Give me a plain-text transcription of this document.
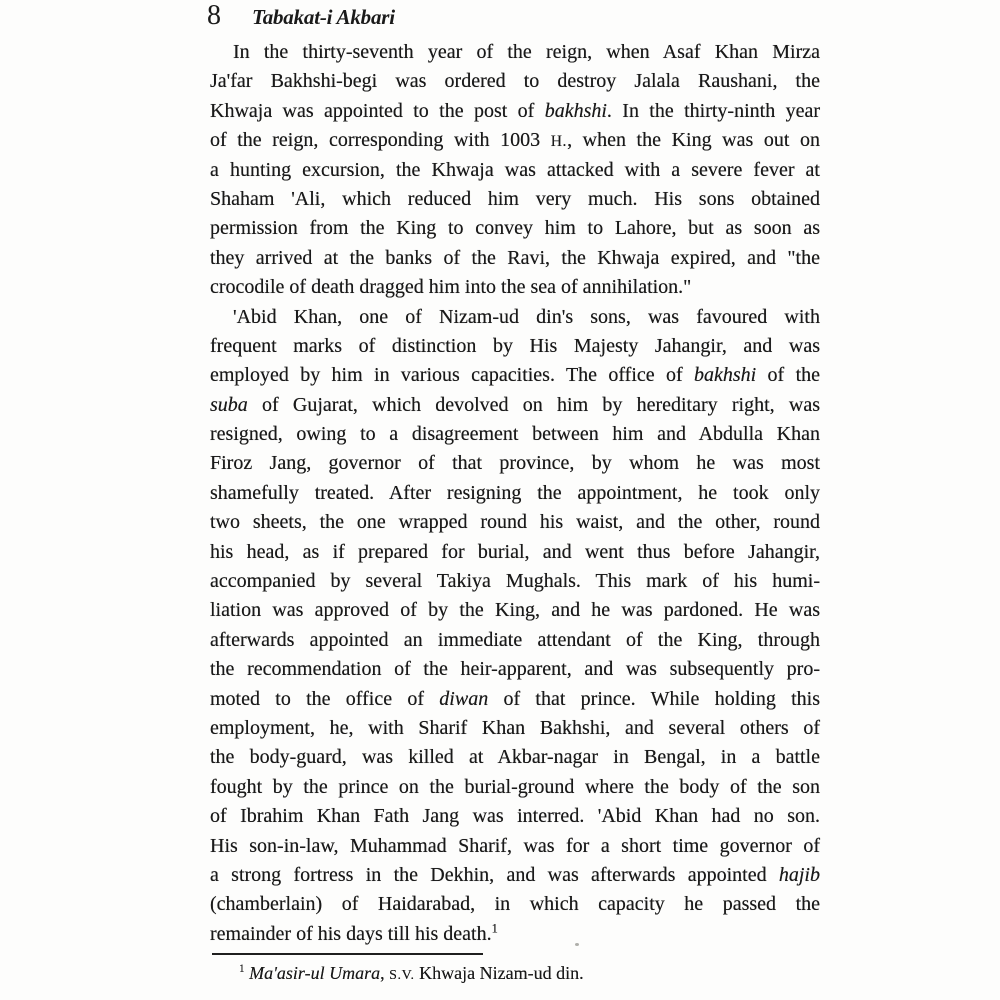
8 Tabakat-i Akbari
In the thirty-seventh year of the reign, when Asaf Khan Mirza
Ja'far Bakhshi-begi was ordered to destroy Jalala Raushani, the
Khwaja was appointed to the post of bakhshi. In the thirty-ninth year
of the reign, corresponding with 1003 H., when the King was out on
a hunting excursion, the Khwaja was attacked with a severe fever at
Shaham 'Ali, which reduced him very much. His sons obtained
permission from the King to convey him to Lahore, but as soon as
they arrived at the banks of the Ravi, the Khwaja expired, and "the
crocodile of death dragged him into the sea of annihilation."
'Abid Khan, one of Nizam-ud din's sons, was favoured with
frequent marks of distinction by His Majesty Jahangir, and was
employed by him in various capacities. The office of bakhshi of the
suba of Gujarat, which devolved on him by hereditary right, was
resigned, owing to a disagreement between him and Abdulla Khan
Firoz Jang, governor of that province, by whom he was most
shamefully treated. After resigning the appointment, he took only
two sheets, the one wrapped round his waist, and the other, round
his head, as if prepared for burial, and went thus before Jahangir,
accompanied by several Takiya Mughals. This mark of his humi-
liation was approved of by the King, and he was pardoned. He was
afterwards appointed an immediate attendant of the King, through
the recommendation of the heir-apparent, and was subsequently pro-
moted to the office of diwan of that prince. While holding this
employment, he, with Sharif Khan Bakhshi, and several others of
the body-guard, was killed at Akbar-nagar in Bengal, in a battle
fought by the prince on the burial-ground where the body of the son
of Ibrahim Khan Fath Jang was interred. 'Abid Khan had no son.
His son-in-law, Muhammad Sharif, was for a short time governor of
a strong fortress in the Dekhin, and was afterwards appointed hajib
(chamberlain) of Haidarabad, in which capacity he passed the
remainder of his days till his death.$^1$
$^1$ Ma'asir-ul Umara, S.V. Khwaja Nizam-ud din.
